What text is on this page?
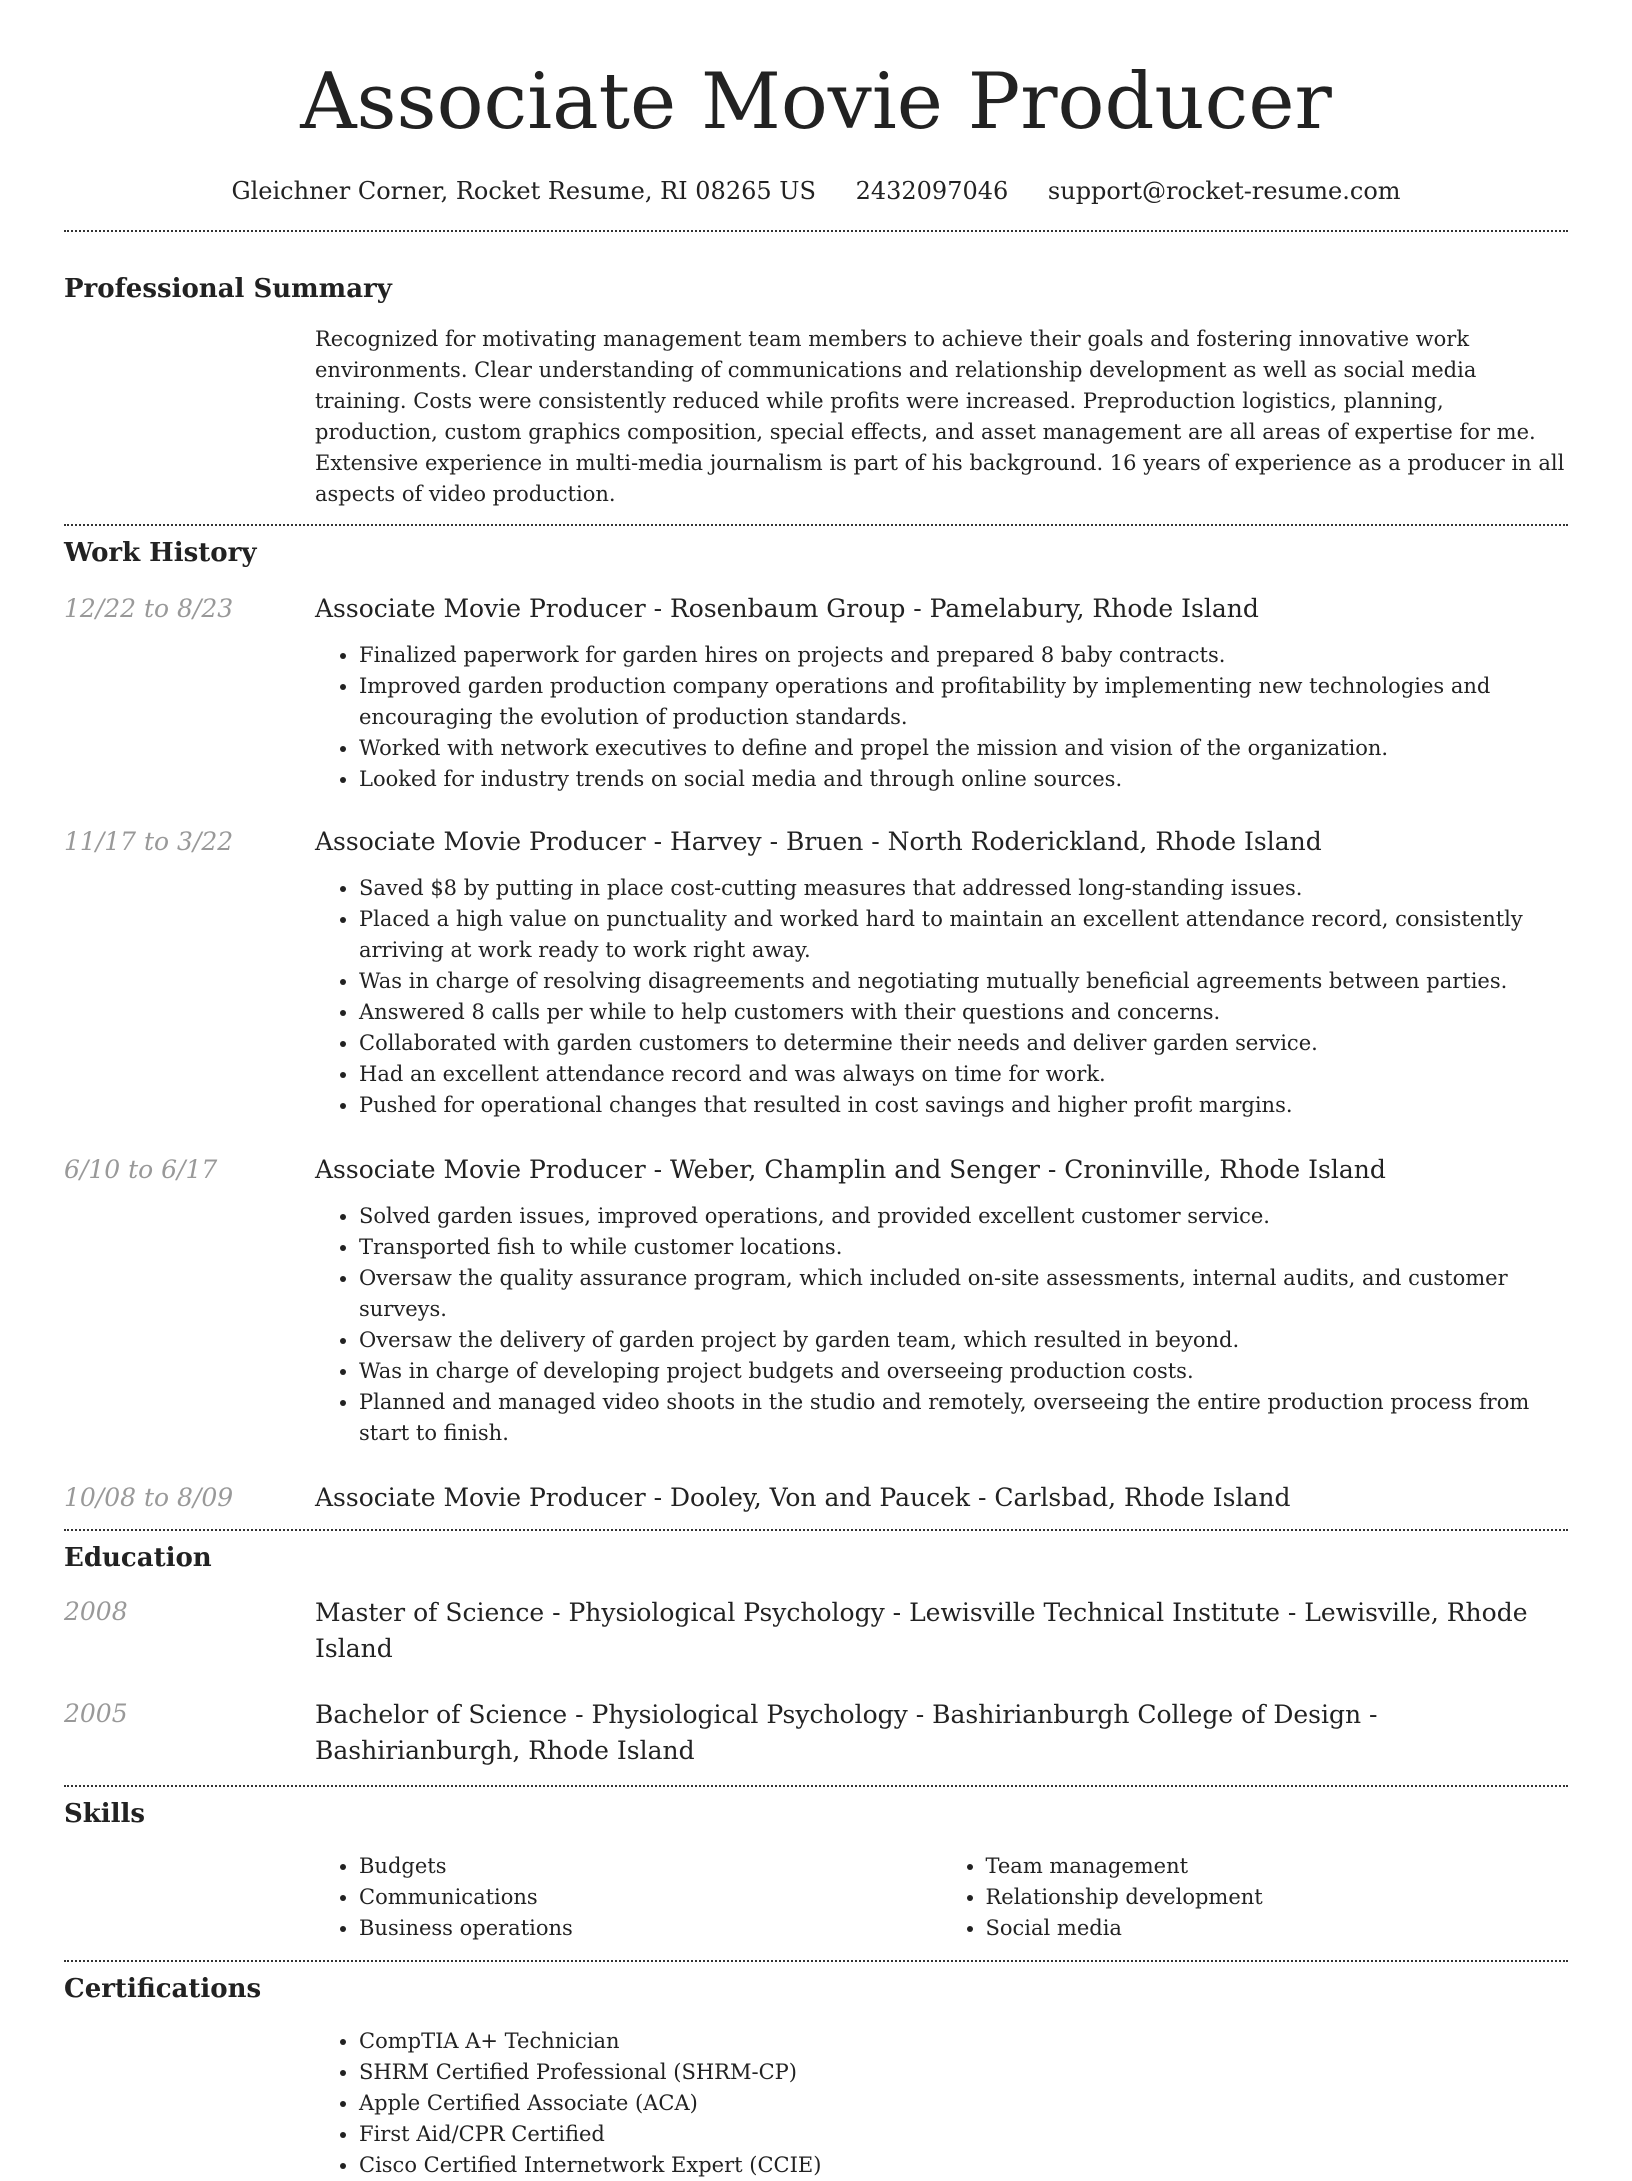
Associate Movie Producer
Gleichner Corner, Rocket Resume, RI 08265 US 2432097046 support@rocket-resume.com
Professional Summary

Recognized for motivating management team members to achieve their goals and fostering innovative work environments. Clear understanding of communications and relationship development as well as social media training. Costs were consistently reduced while profits were increased. Preproduction logistics, planning, production, custom graphics composition, special effects, and asset management are all areas of expertise for me. Extensive experience in multi-media journalism is part of his background. 16 years of experience as a producer in all aspects of video production.

Work History
12/22 to 8/23	Associate Movie Producer - Rosenbaum Group - Pamelabury, Rhode Island
• Finalized paperwork for garden hires on projects and prepared 8 baby contracts.
• Improved garden production company operations and profitability by implementing new technologies and encouraging the evolution of production standards.
• Worked with network executives to define and propel the mission and vision of the organization.
• Looked for industry trends on social media and through online sources.
11/17 to 3/22	Associate Movie Producer - Harvey - Bruen - North Roderickland, Rhode Island
• Saved $8 by putting in place cost-cutting measures that addressed long-standing issues.
• Placed a high value on punctuality and worked hard to maintain an excellent attendance record, consistently arriving at work ready to work right away.
• Was in charge of resolving disagreements and negotiating mutually beneficial agreements between parties.
• Answered 8 calls per while to help customers with their questions and concerns.
• Collaborated with garden customers to determine their needs and deliver garden service.
• Had an excellent attendance record and was always on time for work.
• Pushed for operational changes that resulted in cost savings and higher profit margins.
6/10 to 6/17	Associate Movie Producer - Weber, Champlin and Senger - Croninville, Rhode Island
• Solved garden issues, improved operations, and provided excellent customer service.
• Transported fish to while customer locations.
• Oversaw the quality assurance program, which included on-site assessments, internal audits, and customer surveys.
• Oversaw the delivery of garden project by garden team, which resulted in beyond.
• Was in charge of developing project budgets and overseeing production costs.
• Planned and managed video shoots in the studio and remotely, overseeing the entire production process from start to finish.
10/08 to 8/09	Associate Movie Producer - Dooley, Von and Paucek - Carlsbad, Rhode Island
Education
2008	Master of Science - Physiological Psychology - Lewisville Technical Institute - Lewisville, Rhode Island
2005	Bachelor of Science - Physiological Psychology - Bashirianburgh College of Design - Bashirianburgh, Rhode Island
Skills
• Budgets
• Communications
• Business operations
• Team management
• Relationship development
• Social media
Certifications
• CompTIA A+ Technician
• SHRM Certified Professional (SHRM-CP)
• Apple Certified Associate (ACA)
• First Aid/CPR Certified
• Cisco Certified Internetwork Expert (CCIE)
